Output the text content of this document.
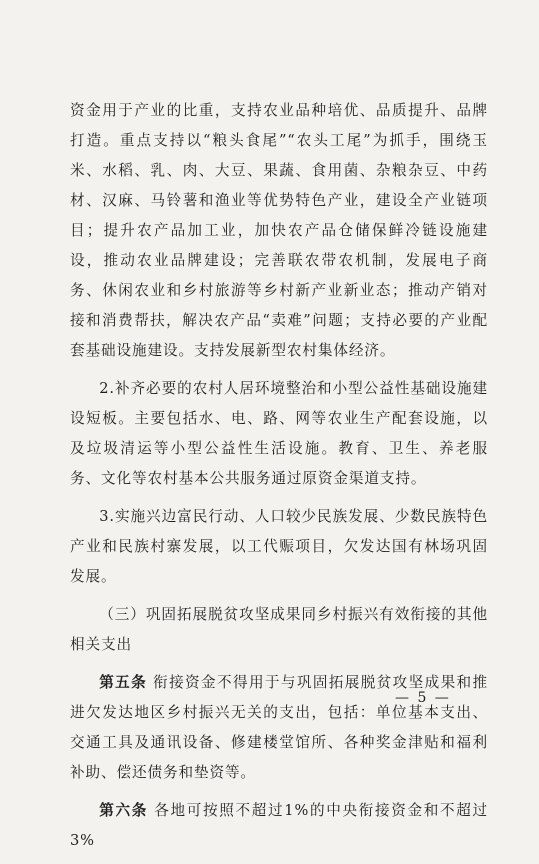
资金用于产业的比重，支持农业品种培优、品质提升、品牌打造。重点支持以“粮头食尾”“农头工尾”为抓手，围绕玉米、水稻、乳、肉、大豆、果蔬、食用菌、杂粮杂豆、中药材、汉麻、马铃薯和渔业等优势特色产业，建设全产业链项目；提升农产品加工业，加快农产品仓储保鲜冷链设施建设，推动农业品牌建设；完善联农带农机制，发展电子商务、休闲农业和乡村旅游等乡村新产业新业态；推动产销对接和消费帮扶，解决农产品“卖难”问题；支持必要的产业配套基础设施建设。支持发展新型农村集体经济。

2.补齐必要的农村人居环境整治和小型公益性基础设施建设短板。主要包括水、电、路、网等农业生产配套设施，以及垃圾清运等小型公益性生活设施。教育、卫生、养老服务、文化等农村基本公共服务通过原资金渠道支持。

3.实施兴边富民行动、人口较少民族发展、少数民族特色产业和民族村寨发展，以工代赈项目，欠发达国有林场巩固发展。

（三）巩固拓展脱贫攻坚成果同乡村振兴有效衔接的其他相关支出

第五条 衔接资金不得用于与巩固拓展脱贫攻坚成果和推进欠发达地区乡村振兴无关的支出，包括：单位基本支出、交通工具及通讯设备、修建楼堂馆所、各种奖金津贴和福利补助、偿还债务和垫资等。

第六条 各地可按照不超过1%的中央衔接资金和不超过3%

— 5 —
